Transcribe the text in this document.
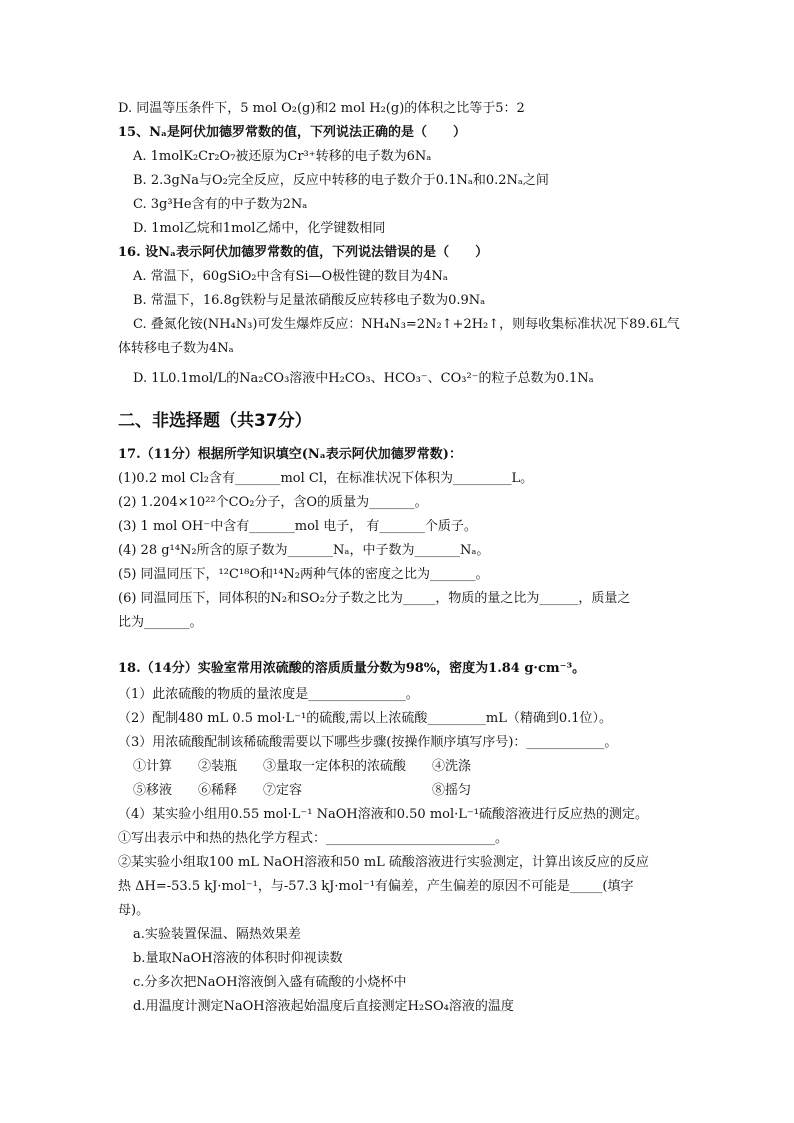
D. 同温等压条件下，5 mol O₂(g)和2 mol H₂(g)的体积之比等于5：2
15、Nₐ是阿伏加德罗常数的值，下列说法正确的是（　　）
A. 1molK₂Cr₂O₇被还原为Cr³⁺转移的电子数为6Nₐ
B. 2.3gNa与O₂完全反应，反应中转移的电子数介于0.1Nₐ和0.2Nₐ之间
C. 3g³He含有的中子数为2Nₐ
D. 1mol乙烷和1mol乙烯中，化学键数相同
16. 设Nₐ表示阿伏加德罗常数的值，下列说法错误的是（　　）
A. 常温下，60gSiO₂中含有Si—O极性键的数目为4Nₐ
B. 常温下，16.8g铁粉与足量浓硝酸反应转移电子数为0.9Nₐ
C. 叠氮化铵(NH₄N₃)可发生爆炸反应：NH₄N₃=2N₂↑+2H₂↑，则每收集标准状况下89.6L气
体转移电子数为4Nₐ
D. 1L0.1mol/L的Na₂CO₃溶液中H₂CO₃、HCO₃⁻、CO₃²⁻的粒子总数为0.1Nₐ
二、非选择题（共37分）
17.（11分）根据所学知识填空(Nₐ表示阿伏加德罗常数)：
(1)0.2 mol Cl₂含有_______mol Cl，在标准状况下体积为_________L。
(2) 1.204×10²²个CO₂分子，含O的质量为_______。
(3) 1 mol OH⁻中含有_______mol 电子， 有_______个质子。
(4) 28 g¹⁴N₂所含的原子数为_______Nₐ，中子数为_______Nₐ。
(5) 同温同压下，¹²C¹⁸O和¹⁴N₂两种气体的密度之比为_______。
(6) 同温同压下，同体积的N₂和SO₂分子数之比为_____，物质的量之比为______，质量之
比为_______。
18.（14分）实验室常用浓硫酸的溶质质量分数为98%，密度为1.84 g·cm⁻³。
（1）此浓硫酸的物质的量浓度是_______________。
（2）配制480 mL 0.5 mol·L⁻¹的硫酸,需以上浓硫酸_________mL（精确到0.1位）。
（3）用浓硫酸配制该稀硫酸需要以下哪些步骤(按操作顺序填写序号)：____________。
①计算　　②装瓶　　③量取一定体积的浓硫酸　　④洗涤
⑤移液　　⑥稀释　　⑦定容　　　　　　　　　　⑧摇匀
（4）某实验小组用0.55 mol·L⁻¹ NaOH溶液和0.50 mol·L⁻¹硫酸溶液进行反应热的测定。
①写出表示中和热的热化学方程式：__________________________。
②某实验小组取100 mL NaOH溶液和50 mL 硫酸溶液进行实验测定，计算出该反应的反应
热 ΔH=-53.5 kJ·mol⁻¹，与-57.3 kJ·mol⁻¹有偏差，产生偏差的原因不可能是_____(填字
母)。
a.实验装置保温、隔热效果差
b.量取NaOH溶液的体积时仰视读数
c.分多次把NaOH溶液倒入盛有硫酸的小烧杯中
d.用温度计测定NaOH溶液起始温度后直接测定H₂SO₄溶液的温度
